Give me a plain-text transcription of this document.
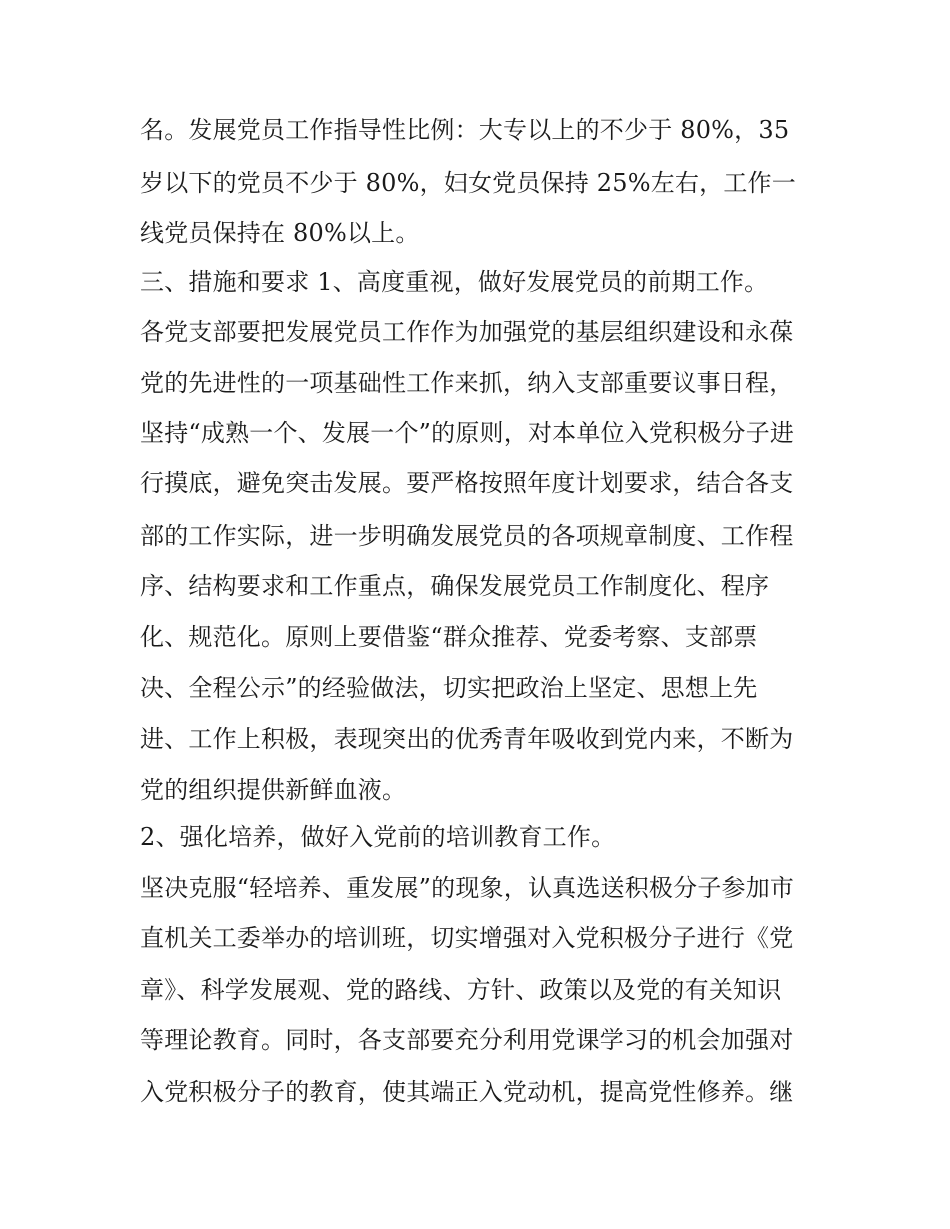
名。发展党员工作指导性比例：大专以上的不少于 80%，35
岁以下的党员不少于 80%，妇女党员保持 25%左右，工作一
线党员保持在 80%以上。
三、措施和要求 1、高度重视，做好发展党员的前期工作。
各党支部要把发展党员工作作为加强党的基层组织建设和永葆
党的先进性的一项基础性工作来抓，纳入支部重要议事日程，
坚持“成熟一个、发展一个”的原则，对本单位入党积极分子进
行摸底，避免突击发展。要严格按照年度计划要求，结合各支
部的工作实际，进一步明确发展党员的各项规章制度、工作程
序、结构要求和工作重点，确保发展党员工作制度化、程序
化、规范化。原则上要借鉴“群众推荐、党委考察、支部票
决、全程公示”的经验做法，切实把政治上坚定、思想上先
进、工作上积极，表现突出的优秀青年吸收到党内来，不断为
党的组织提供新鲜血液。
2、强化培养，做好入党前的培训教育工作。
坚决克服“轻培养、重发展”的现象，认真选送积极分子参加市
直机关工委举办的培训班，切实增强对入党积极分子进行《党
章》、科学发展观、党的路线、方针、政策以及党的有关知识
等理论教育。同时，各支部要充分利用党课学习的机会加强对
入党积极分子的教育，使其端正入党动机，提高党性修养。继
